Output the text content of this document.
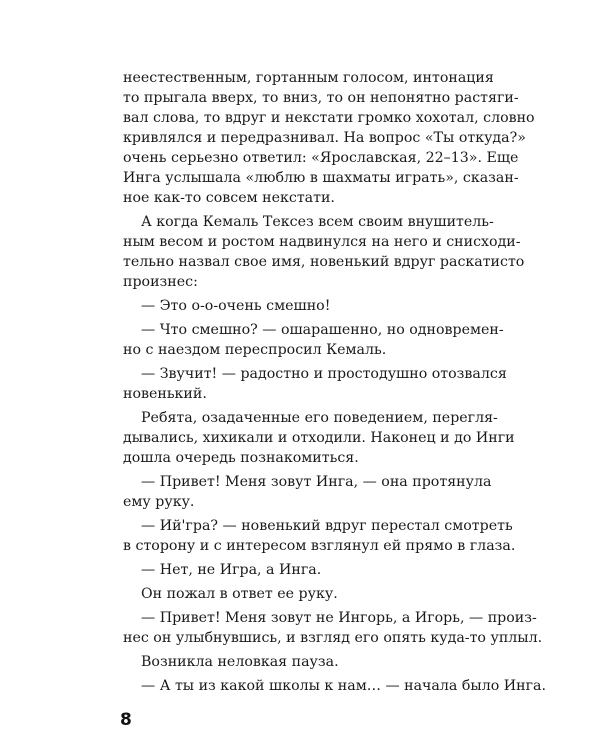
неестественным, гортанным голосом, интонация
то прыгала вверх, то вниз, то он непонятно растяги-
вал слова, то вдруг и некстати громко хохотал, словно
кривлялся и передразнивал. На вопрос «Ты откуда?»
очень серьезно ответил: «Ярославская, 22–13». Еще
Инга услышала «люблю в шахматы играть», сказан-
ное как-то совсем некстати.
А когда Кемаль Тексез всем своим внушитель-
ным весом и ростом надвинулся на него и снисходи-
тельно назвал свое имя, новенький вдруг раскатисто
произнес:
— Это о-о-очень смешно!
— Что смешно? — ошарашенно, но одновремен-
но с наездом переспросил Кемаль.
— Звучит! — радостно и простодушно отозвался
новенький.
Ребята, озадаченные его поведением, перегля-
дывались, хихикали и отходили. Наконец и до Инги
дошла очередь познакомиться.
— Привет! Меня зовут Инга, — она протянула
ему руку.
— Ий'гра? — новенький вдруг перестал смотреть
в сторону и с интересом взглянул ей прямо в глаза.
— Нет, не Игра, а Инга.
Он пожал в ответ ее руку.
— Привет! Меня зовут не Ингорь, а Игорь, — произ-
нес он улыбнувшись, и взгляд его опять куда-то уплыл.
Возникла неловкая пауза.
— А ты из какой школы к нам… — начала было Инга.
8
